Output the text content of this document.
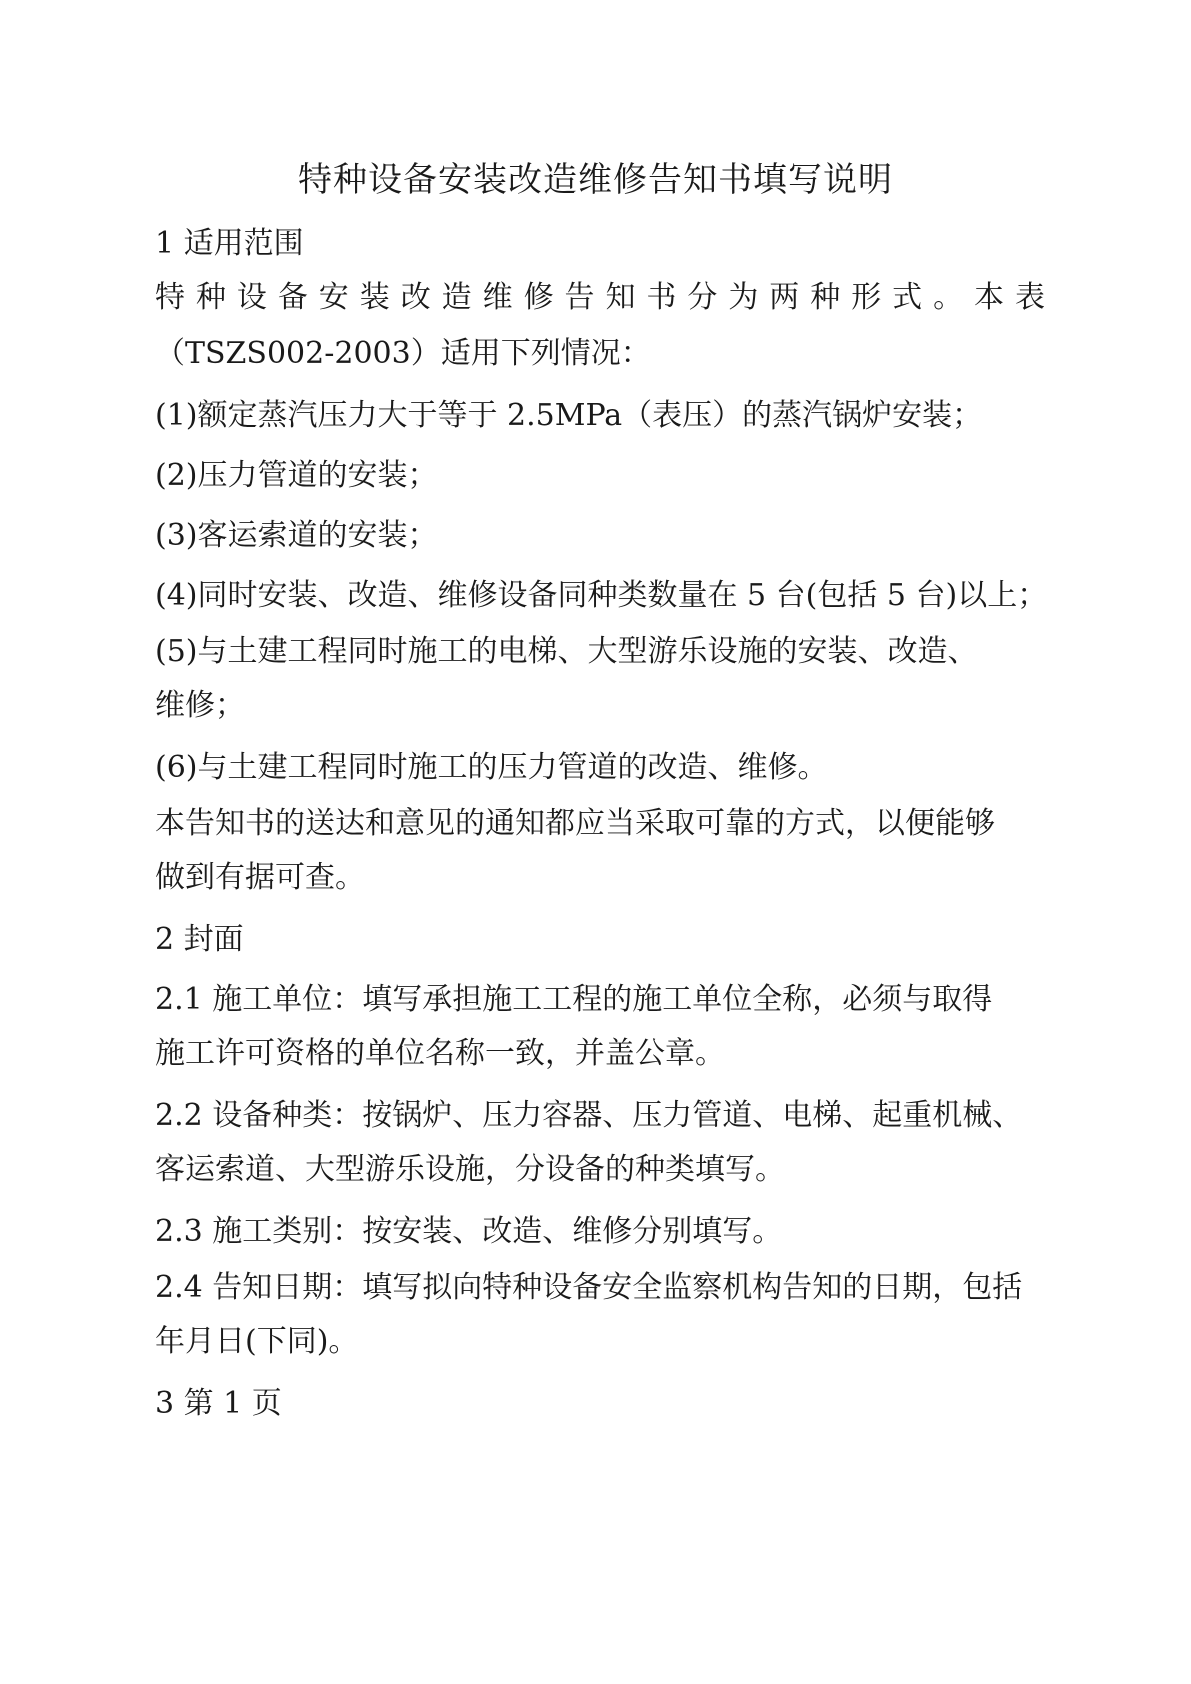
特种设备安装改造维修告知书填写说明
1 适用范围
特种设备安装改造维修告知书分为两种形式。本表
（TSZS002-2003）适用下列情况：
(1)额定蒸汽压力大于等于 2.5MPa（表压）的蒸汽锅炉安装；
(2)压力管道的安装；
(3)客运索道的安装；
(4)同时安装、改造、维修设备同种类数量在 5 台(包括 5 台)以上；
(5)与土建工程同时施工的电梯、大型游乐设施的安装、改造、
维修；
(6)与土建工程同时施工的压力管道的改造、维修。
本告知书的送达和意见的通知都应当采取可靠的方式，以便能够
做到有据可查。
2 封面
2.1 施工单位：填写承担施工工程的施工单位全称，必须与取得
施工许可资格的单位名称一致，并盖公章。
2.2 设备种类：按锅炉、压力容器、压力管道、电梯、起重机械、
客运索道、大型游乐设施，分设备的种类填写。
2.3 施工类别：按安装、改造、维修分别填写。
2.4 告知日期：填写拟向特种设备安全监察机构告知的日期，包括
年月日(下同)。
3 第 1 页
